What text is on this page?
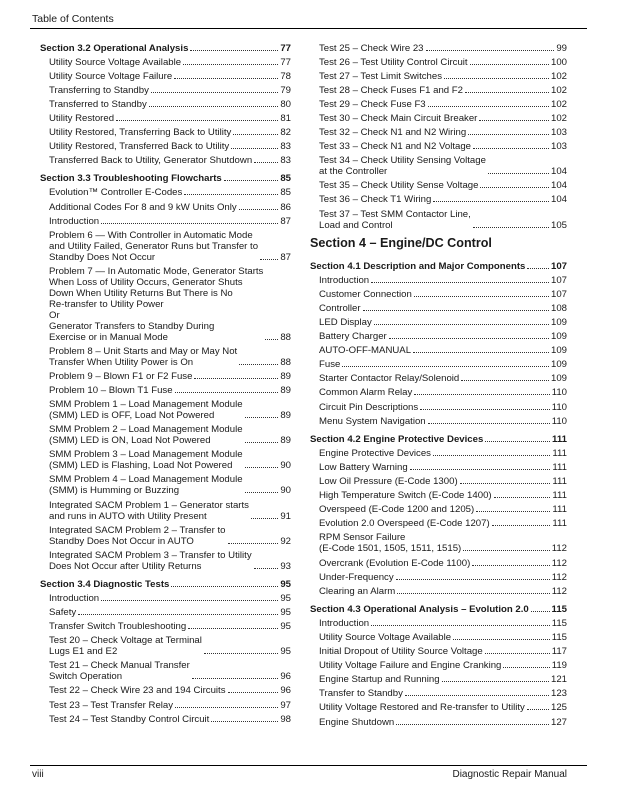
Table of Contents
Section 3.2 Operational Analysis	77
Utility Source Voltage Available	77
Utility Source Voltage Failure	78
Transferring to Standby	79
Transferred to Standby	80
Utility Restored	81
Utility Restored, Transferring Back to Utility	82
Utility Restored, Transferred Back to Utility	83
Transferred Back to Utility, Generator Shutdown	83
Section 3.3 Troubleshooting Flowcharts	85
Evolution™ Controller E-Codes	85
Additional Codes For 8 and 9 kW Units Only	86
Introduction	87
Problem 6 — With Controller in Automatic Mode
and Utility Failed, Generator Runs but Transfer to
Standby Does Not Occur	87
Problem 7 — In Automatic Mode, Generator Starts
When Loss of Utility Occurs, Generator Shuts
Down When Utility Returns But There is No
Re-transfer to Utility Power
Or
Generator Transfers to Standby During
Exercise or in Manual Mode	88
Problem 8 – Unit Starts and May or May Not
Transfer When Utility Power is On	88
Problem 9 – Blown F1 or F2 Fuse	89
Problem 10 – Blown T1 Fuse	89
SMM Problem 1 – Load Management Module
(SMM) LED is OFF, Load Not Powered	89
SMM Problem 2 – Load Management Module
(SMM) LED is ON, Load Not Powered	89
SMM Problem 3 – Load Management Module
(SMM) LED is Flashing, Load Not Powered	90
SMM Problem 4 – Load Management Module
(SMM) is Humming or Buzzing	90
Integrated SACM Problem 1 – Generator starts
and runs in AUTO with Utility Present	91
Integrated SACM Problem 2 – Transfer to
Standby Does Not Occur in AUTO	92
Integrated SACM Problem 3 – Transfer to Utility
Does Not Occur after Utility Returns	93
Section 3.4 Diagnostic Tests	95
Introduction	95
Safety	95
Transfer Switch Troubleshooting	95
Test 20 – Check Voltage at Terminal
Lugs E1 and E2	95
Test 21 – Check Manual Transfer
Switch Operation	96
Test 22 – Check Wire 23 and 194 Circuits	96
Test 23 – Test Transfer Relay	97
Test 24 – Test Standby Control Circuit	98
Test 25 – Check Wire 23	99
Test 26 – Test Utility Control Circuit	100
Test 27 – Test Limit Switches	102
Test 28 – Check Fuses F1 and F2	102
Test 29 – Check Fuse F3	102
Test 30 – Check Main Circuit Breaker	102
Test 32 – Check N1 and N2 Wiring	103
Test 33 – Check N1 and N2 Voltage	103
Test 34 – Check Utility Sensing Voltage
at the Controller	104
Test 35 – Check Utility Sense Voltage	104
Test 36 – Check T1 Wiring	104
Test 37 – Test SMM Contactor Line,
Load and Control	105
Section 4 – Engine/DC Control
Section 4.1 Description and Major Components	107
Introduction	107
Customer Connection	107
Controller	108
LED Display	109
Battery Charger	109
AUTO-OFF-MANUAL	109
Fuse	109
Starter Contactor Relay/Solenoid	109
Common Alarm Relay	110
Circuit Pin Descriptions	110
Menu System Navigation	110
Section 4.2 Engine Protective Devices	111
Engine Protective Devices	111
Low Battery Warning	111
Low Oil Pressure (E-Code 1300)	111
High Temperature Switch (E-Code 1400)	111
Overspeed (E-Code 1200 and 1205)	111
Evolution 2.0 Overspeed (E-Code 1207)	111
RPM Sensor Failure
(E-Code 1501, 1505, 1511, 1515)	112
Overcrank (Evolution E-Code 1100)	112
Under-Frequency	112
Clearing an Alarm	112
Section 4.3 Operational Analysis – Evolution 2.0 115
Introduction	115
Utility Source Voltage Available	115
Initial Dropout of Utility Source Voltage	117
Utility Voltage Failure and Engine Cranking	119
Engine Startup and Running	121
Transfer to Standby	123
Utility Voltage Restored and Re-transfer to Utility	125
Engine Shutdown	127
viii	Diagnostic Repair Manual
